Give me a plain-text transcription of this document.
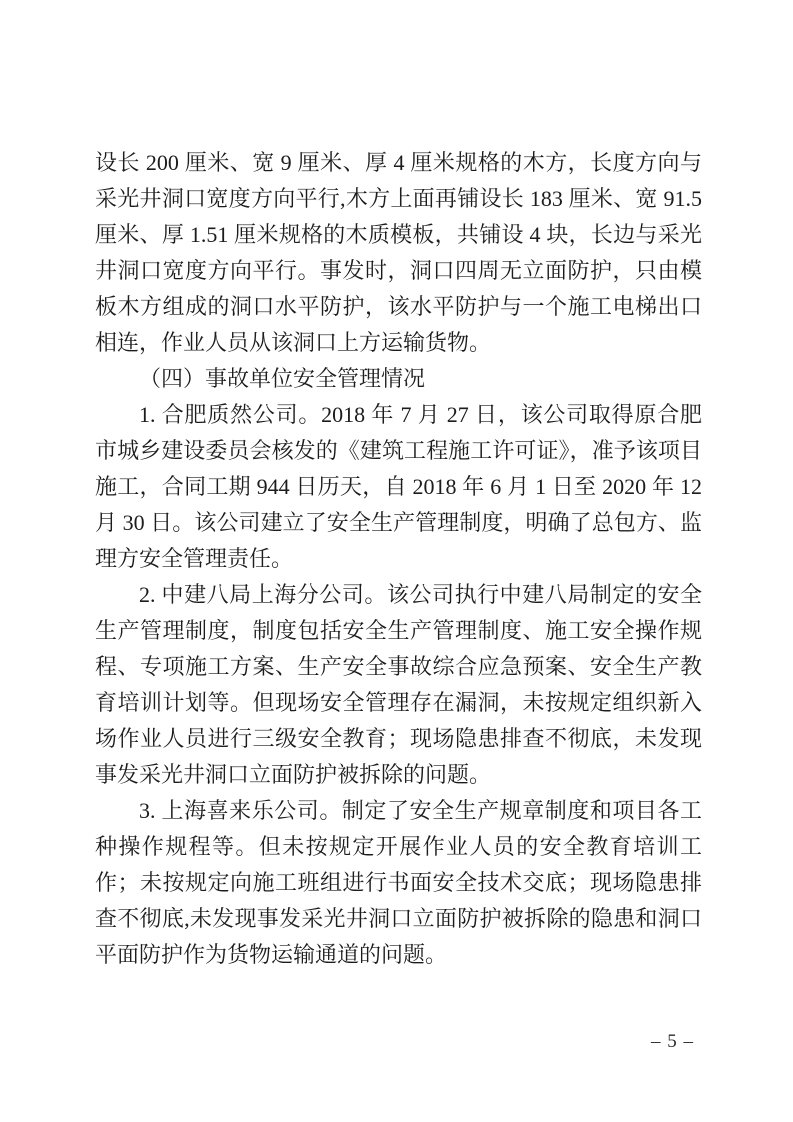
设长 200 厘米、宽 9 厘米、厚 4 厘米规格的木方，长度方向与采光井洞口宽度方向平行,木方上面再铺设长 183 厘米、宽 91.5 厘米、厚 1.51 厘米规格的木质模板，共铺设 4 块，长边与采光井洞口宽度方向平行。事发时，洞口四周无立面防护，只由模板木方组成的洞口水平防护，该水平防护与一个施工电梯出口相连，作业人员从该洞口上方运输货物。

（四）事故单位安全管理情况

1. 合肥质然公司。2018 年 7 月 27 日，该公司取得原合肥市城乡建设委员会核发的《建筑工程施工许可证》，准予该项目施工，合同工期 944 日历天，自 2018 年 6 月 1 日至 2020 年 12 月 30 日。该公司建立了安全生产管理制度，明确了总包方、监理方安全管理责任。

2. 中建八局上海分公司。该公司执行中建八局制定的安全生产管理制度，制度包括安全生产管理制度、施工安全操作规程、专项施工方案、生产安全事故综合应急预案、安全生产教育培训计划等。但现场安全管理存在漏洞，未按规定组织新入场作业人员进行三级安全教育；现场隐患排查不彻底，未发现事发采光井洞口立面防护被拆除的问题。

3. 上海喜来乐公司。制定了安全生产规章制度和项目各工种操作规程等。但未按规定开展作业人员的安全教育培训工作；未按规定向施工班组进行书面安全技术交底；现场隐患排查不彻底,未发现事发采光井洞口立面防护被拆除的隐患和洞口平面防护作为货物运输通道的问题。

– 5 –
